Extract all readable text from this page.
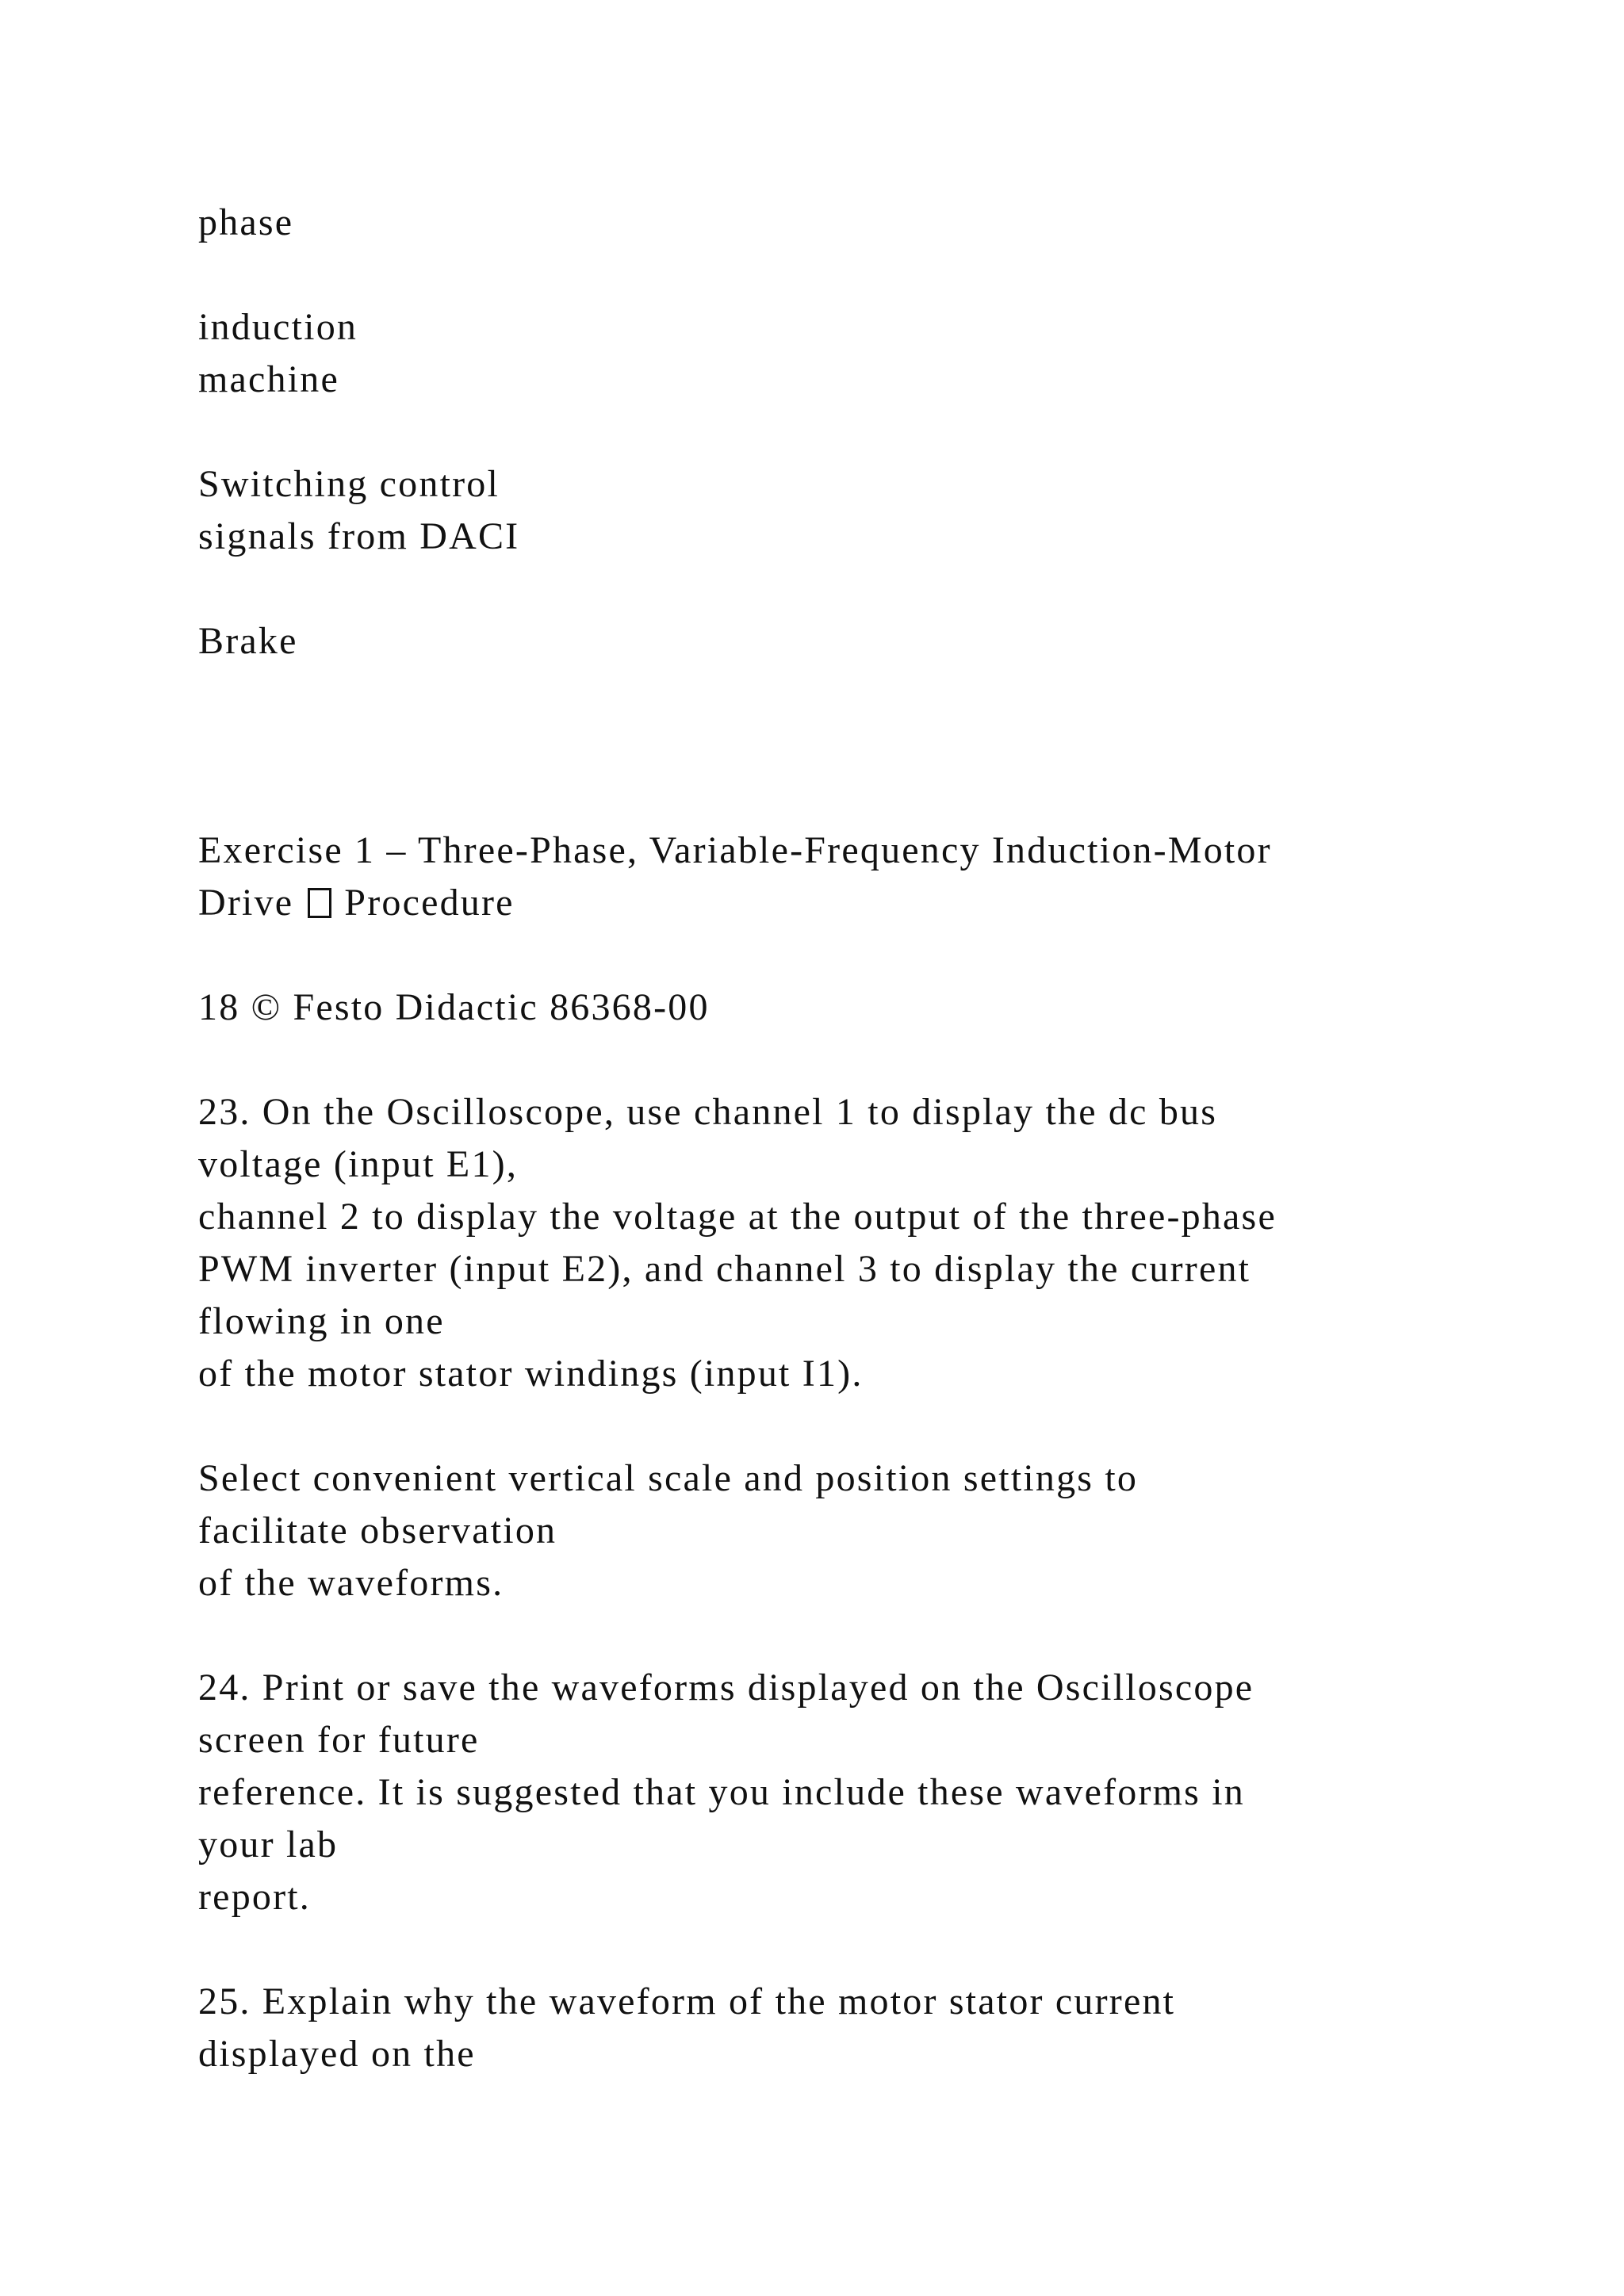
phase
induction
machine
Switching control
signals from DACI
Brake
Exercise 1 – Three-Phase, Variable-Frequency Induction-Motor
Drive Procedure
18 © Festo Didactic 86368-00
23. On the Oscilloscope, use channel 1 to display the dc bus
voltage (input E1),
channel 2 to display the voltage at the output of the three-phase
PWM inverter (input E2), and channel 3 to display the current
flowing in one
of the motor stator windings (input I1).
Select convenient vertical scale and position settings to
facilitate observation
of the waveforms.
24. Print or save the waveforms displayed on the Oscilloscope
screen for future
reference. It is suggested that you include these waveforms in
your lab
report.
25. Explain why the waveform of the motor stator current
displayed on the
